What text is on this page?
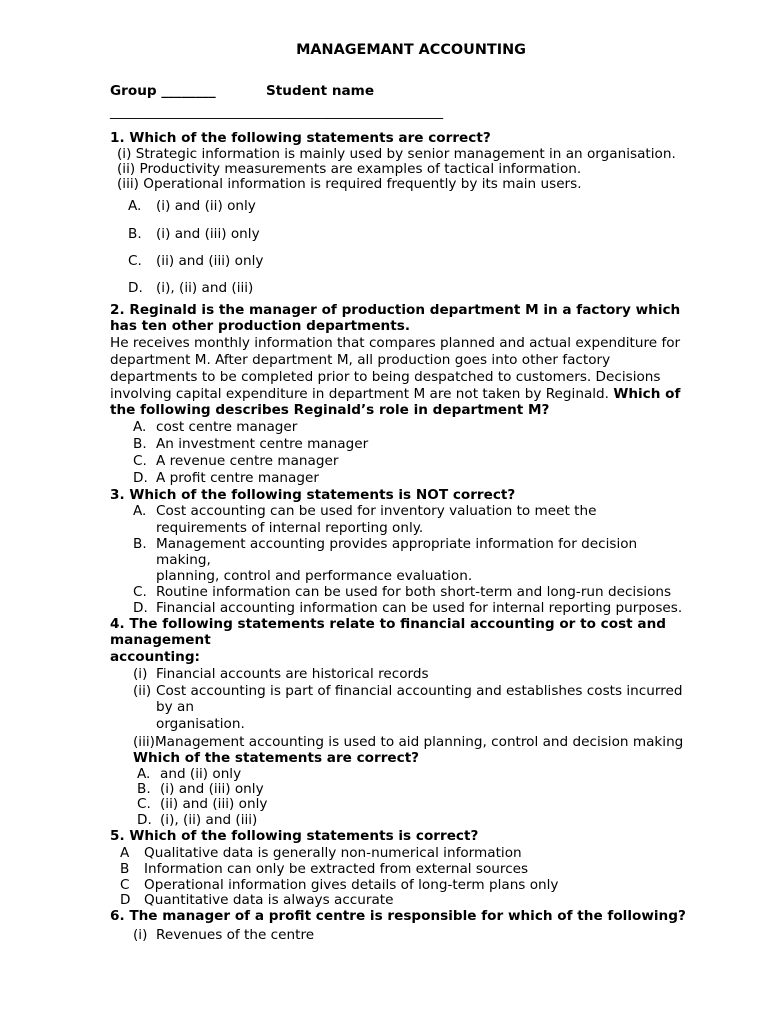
MANAGEMANT ACCOUNTING
Group ________	Student name
_________________________________________________
1. Which of the following statements are correct?
(i) Strategic information is mainly used by senior management in an organisation.
(ii) Productivity measurements are examples of tactical information.
(iii) Operational information is required frequently by its main users.
A. (i) and (ii) only
B. (i) and (iii) only
C. (ii) and (iii) only
D. (i), (ii) and (iii)
2. Reginald is the manager of production department M in a factory which
has ten other production departments.
He receives monthly information that compares planned and actual expenditure for
department M. After department M, all production goes into other factory
departments to be completed prior to being despatched to customers. Decisions
involving capital expenditure in department M are not taken by Reginald. Which of
the following describes Reginald’s role in department M?
A. cost centre manager
B. An investment centre manager
C. A revenue centre manager
D. A profit centre manager
3. Which of the following statements is NOT correct?
A. Cost accounting can be used for inventory valuation to meet the
requirements of internal reporting only.
B. Management accounting provides appropriate information for decision
making,
planning, control and performance evaluation.
C. Routine information can be used for both short-term and long-run decisions
D. Financial accounting information can be used for internal reporting purposes.
4. The following statements relate to financial accounting or to cost and
management
accounting:
(i) Financial accounts are historical records
(ii) Cost accounting is part of financial accounting and establishes costs incurred
by an
organisation.
(iii)Management accounting is used to aid planning, control and decision making
Which of the statements are correct?
A. and (ii) only
B. (i) and (iii) only
C. (ii) and (iii) only
D. (i), (ii) and (iii)
5. Which of the following statements is correct?
A Qualitative data is generally non-numerical information
B Information can only be extracted from external sources
C Operational information gives details of long-term plans only
D Quantitative data is always accurate
6. The manager of a profit centre is responsible for which of the following?
(i) Revenues of the centre
